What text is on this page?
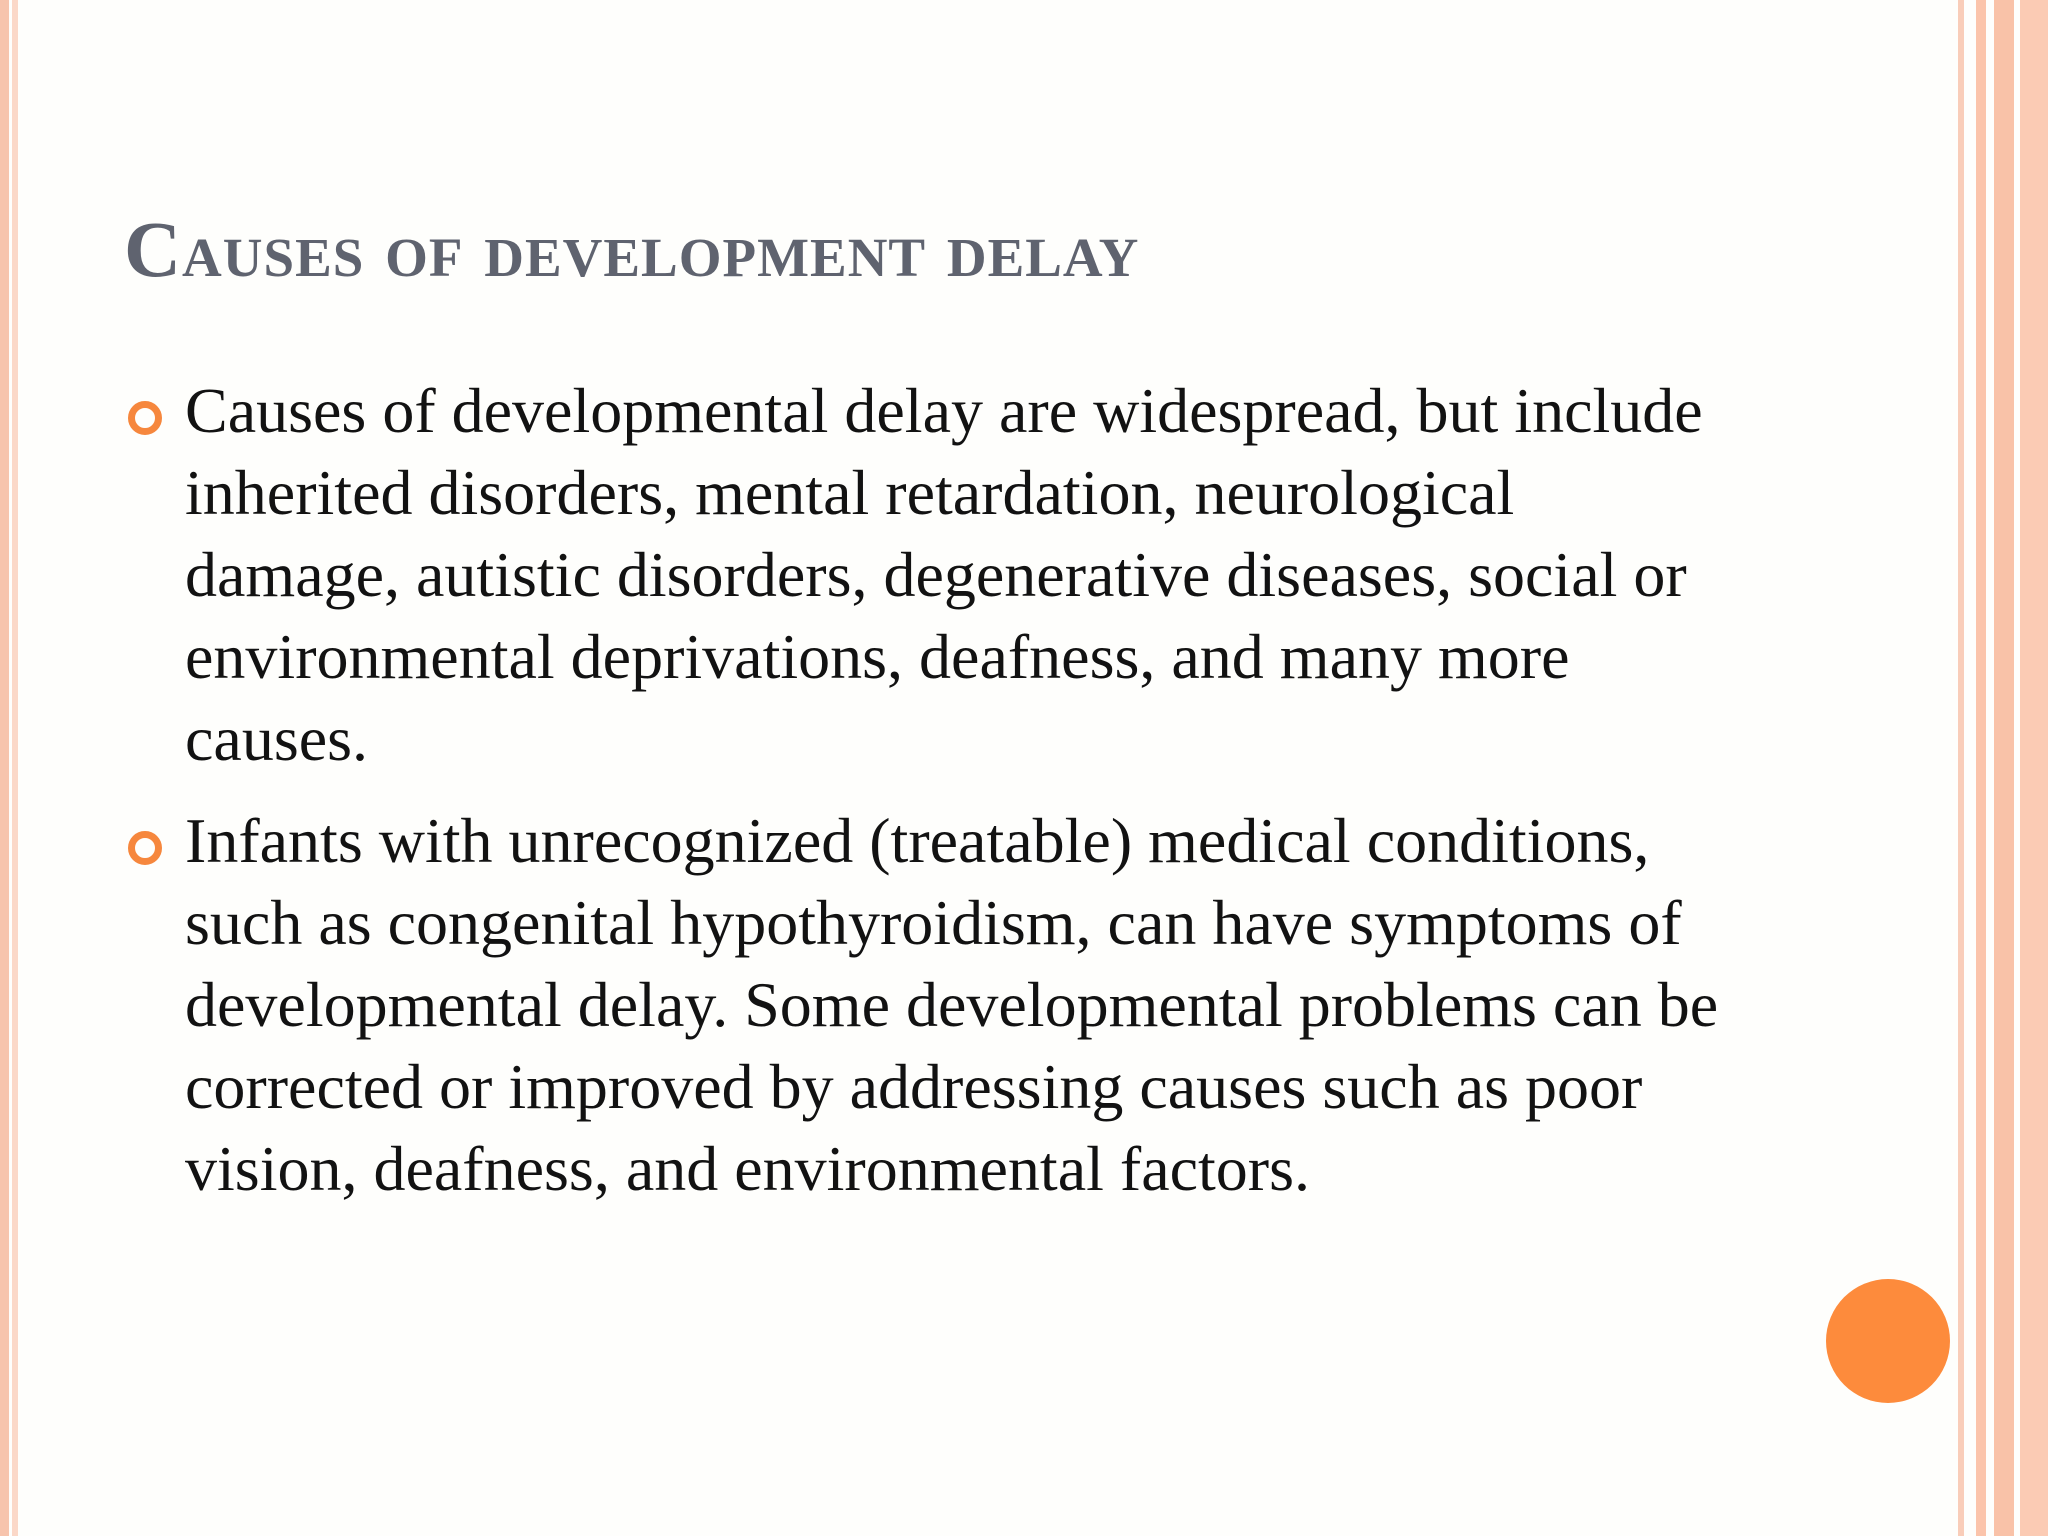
Causes of development delay
Causes of developmental delay are widespread, but include inherited disorders, mental retardation, neurological damage, autistic disorders, degenerative diseases, social or environmental deprivations, deafness, and many more causes.
Infants with unrecognized (treatable) medical conditions, such as congenital hypothyroidism, can have symptoms of developmental delay. Some developmental problems can be corrected or improved by addressing causes such as poor vision, deafness, and environmental factors.
